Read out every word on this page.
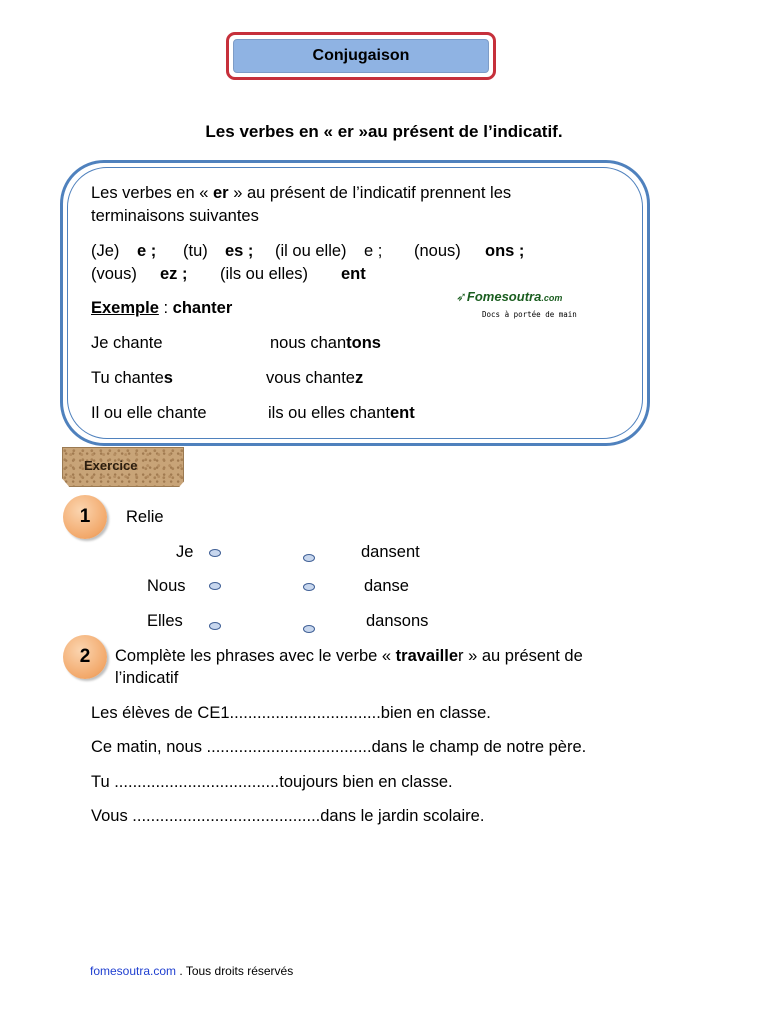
Conjugaison
Les verbes en « er »au présent de l’indicatif.
Les verbes en « er » au présent de l’indicatif prennent les
terminaisons suivantes
(Je) e ; (tu) es ; (il ou elle) e ; (nous) ons ;
(vous) ez ; (ils ou elles) ent
Exemple : chanter
➶Fomesoutra.com
Docs à portée de main
Je chante	nous chantons
Tu chantes	vous chantez
Il ou elle chante	ils ou elles chantent
Exercice
1	Relie
Je
Nous
Elles
dansent
danse
dansons
2	Complète les phrases avec le verbe « travailler » au présent de
l’indicatif
Les élèves de CE1.................................bien en classe.
Ce matin, nous ....................................dans le champ de notre père.
Tu ....................................toujours bien en classe.
Vous .........................................dans le jardin scolaire.
fomesoutra.com . Tous droits réservés
